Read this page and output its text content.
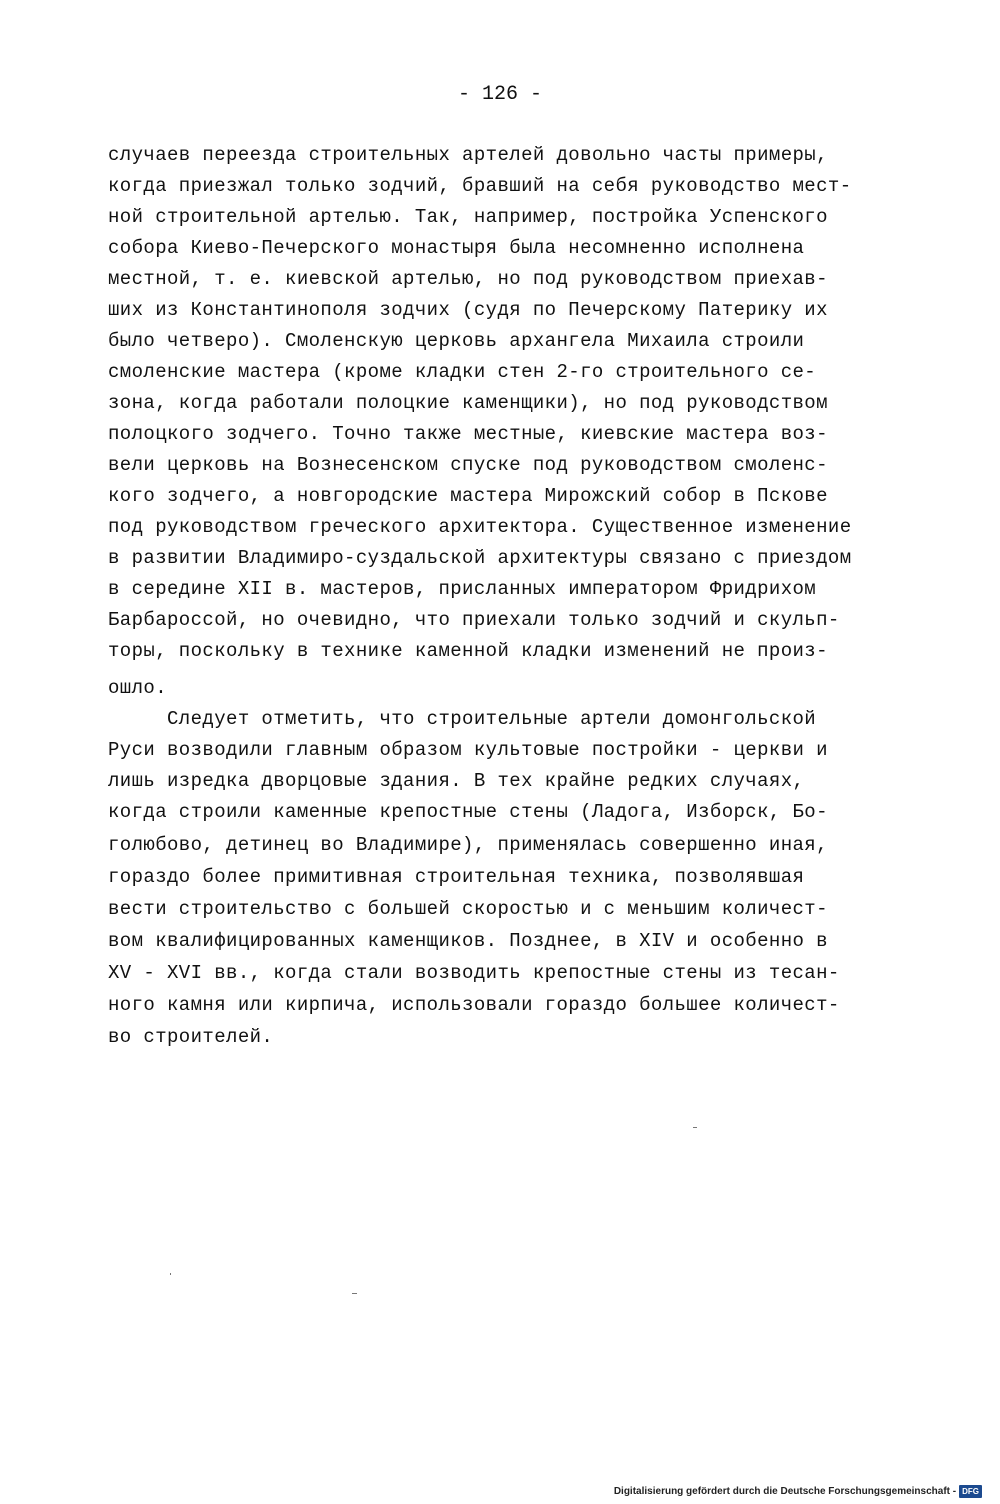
- 126 -
случаев переезда строительных артелей довольно часты примеры,
когда приезжал только зодчий, бравший на себя руководство мест-
ной строительной артелью. Так, например, постройка Успенского
собора Киево-Печерского монастыря была несомненно исполнена
местной, т. е. киевской артелью, но под руководством приехав-
ших из Константинополя зодчих (судя по Печерскому Патерику их
было четверо). Смоленскую церковь архангела Михаила строили
смоленские мастера (кроме кладки стен 2-го строительного се-
зона, когда работали полоцкие каменщики), но под руководством
полоцкого зодчего. Точно также местные, киевские мастера воз-
вели церковь на Вознесенском спуске под руководством смоленс-
кого зодчего, а новгородские мастера Мирожский собор в Пскове
под руководством греческого архитектора. Существенное изменение
в развитии Владимиро-суздальской архитектуры связано с приездом
в середине XII в. мастеров, присланных императором Фридрихом
Барбароссой, но очевидно, что приехали только зодчий и скульп-
торы, поскольку в технике каменной кладки изменений не произ-
ошло.
Следует отметить, что строительные артели домонгольской
Руси возводили главным образом культовые постройки - церкви и
лишь изредка дворцовые здания. В тех крайне редких случаях,
когда строили каменные крепостные стены (Ладога, Изборск, Бо-
голюбово, детинец во Владимире), применялась совершенно иная,
гораздо более примитивная строительная техника, позволявшая
вести строительство с большей скоростью и с меньшим количест-
вом квалифицированных каменщиков. Позднее, в XIV и особенно в
XV - XVI вв., когда стали возводить крепостные стены из тесан-
ного камня или кирпича, использовали гораздо большее количест-
во строителей.
Digitalisierung gefördert durch die Deutsche Forschungsgemeinschaft - DFG
